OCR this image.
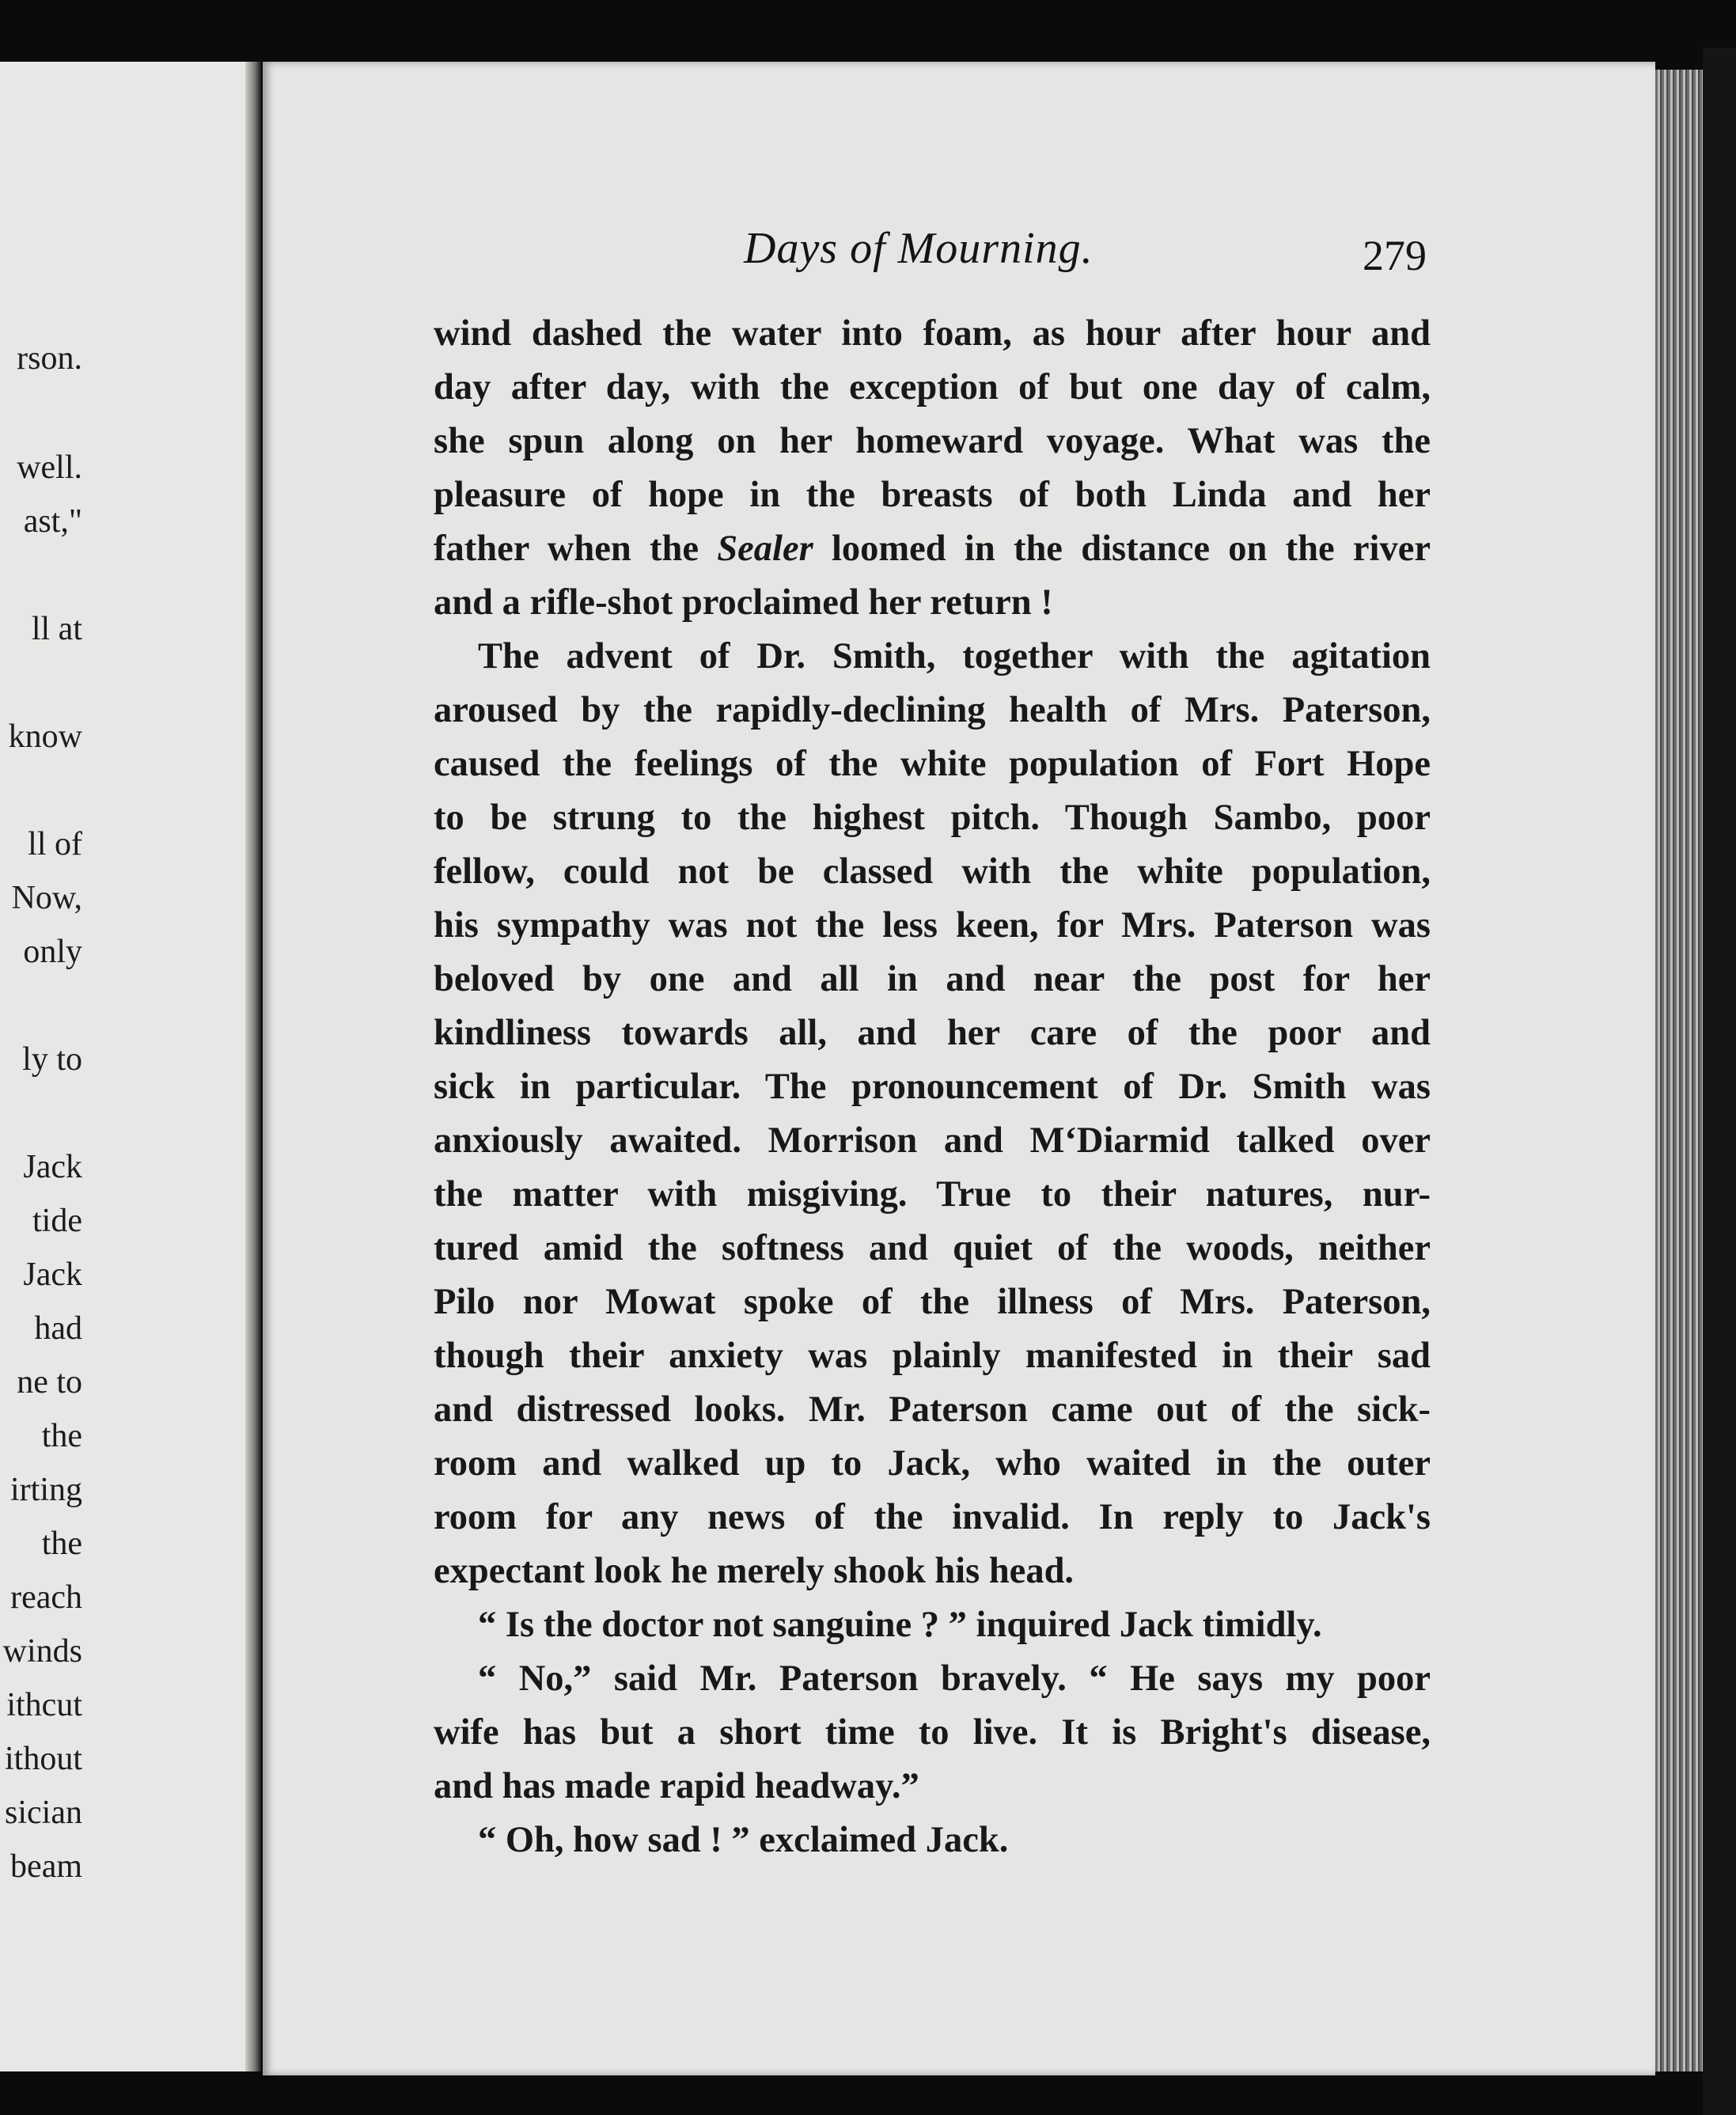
rson.
well.
ast,"
ll at
know
ll of
Now,
only
ly to
Jack
tide
Jack
had
ne to
the
irting
the
reach
winds
ithcut
ithout
sician
beam
Days of Mourning.	279
wind dashed the water into foam, as hour after hour and
day after day, with the exception of but one day of calm,
she spun along on her homeward voyage. What was the
pleasure of hope in the breasts of both Linda and her
father when the Sealer loomed in the distance on the river
and a rifle-shot proclaimed her return !
The advent of Dr. Smith, together with the agitation
aroused by the rapidly-declining health of Mrs. Paterson,
caused the feelings of the white population of Fort Hope
to be strung to the highest pitch. Though Sambo, poor
fellow, could not be classed with the white population,
his sympathy was not the less keen, for Mrs. Paterson was
beloved by one and all in and near the post for her
kindliness towards all, and her care of the poor and
sick in particular. The pronouncement of Dr. Smith was
anxiously awaited. Morrison and M‘Diarmid talked over
the matter with misgiving. True to their natures, nur-
tured amid the softness and quiet of the woods, neither
Pilo nor Mowat spoke of the illness of Mrs. Paterson,
though their anxiety was plainly manifested in their sad
and distressed looks. Mr. Paterson came out of the sick-
room and walked up to Jack, who waited in the outer
room for any news of the invalid. In reply to Jack's
expectant look he merely shook his head.
“ Is the doctor not sanguine ? ” inquired Jack timidly.
“ No,” said Mr. Paterson bravely. “ He says my poor
wife has but a short time to live. It is Bright's disease,
and has made rapid headway.”
“ Oh, how sad ! ” exclaimed Jack.
